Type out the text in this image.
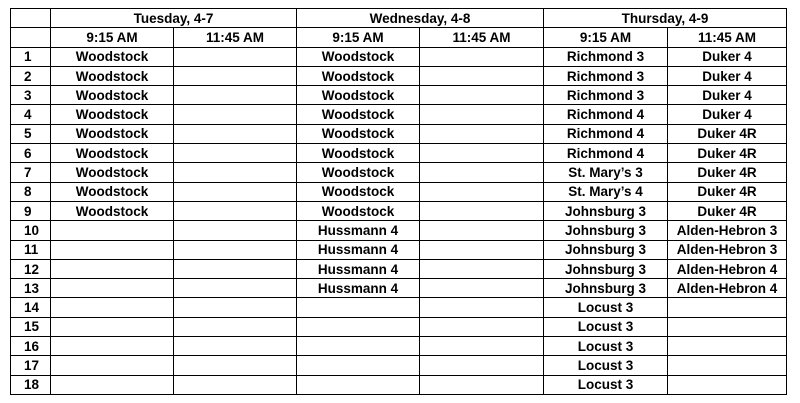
	Tuesday, 4-7		Wednesday, 4-8		Thursday, 4-9	
	9:15 AM	11:45 AM	9:15 AM	11:45 AM	9:15 AM	11:45 AM
1	Woodstock		Woodstock		Richmond 3	Duker 4
2	Woodstock		Woodstock		Richmond 3	Duker 4
3	Woodstock		Woodstock		Richmond 3	Duker 4
4	Woodstock		Woodstock		Richmond 4	Duker 4
5	Woodstock		Woodstock		Richmond 4	Duker 4R
6	Woodstock		Woodstock		Richmond 4	Duker 4R
7	Woodstock		Woodstock		St. Mary’s 3	Duker 4R
8	Woodstock		Woodstock		St. Mary’s 4	Duker 4R
9	Woodstock		Woodstock		Johnsburg 3	Duker 4R
10			Hussmann 4		Johnsburg 3	Alden-Hebron 3
11			Hussmann 4		Johnsburg 3	Alden-Hebron 3
12			Hussmann 4		Johnsburg 3	Alden-Hebron 4
13			Hussmann 4		Johnsburg 3	Alden-Hebron 4
14					Locust 3	
15					Locust 3	
16					Locust 3	
17					Locust 3	
18					Locust 3	
